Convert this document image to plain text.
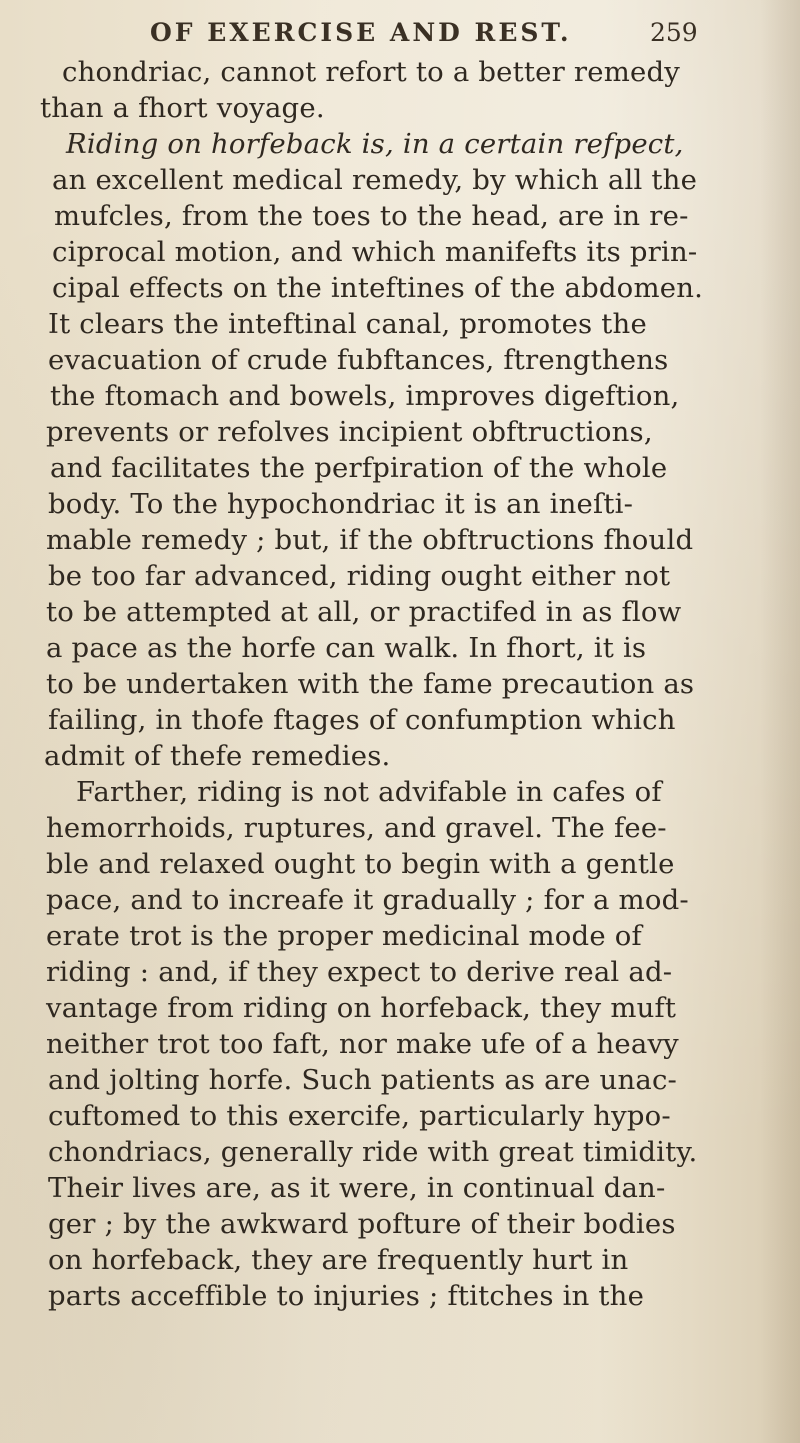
OF EXERCISE AND REST.	259
chondriac, cannot refort to a better remedy
than a fhort voyage.
Riding on horfeback is, in a certain refpect,
an excellent medical remedy, by which all the
mufcles, from the toes to the head, are in re-
ciprocal motion, and which manifefts its prin-
cipal effects on the inteftines of the abdomen.
It clears the inteftinal canal, promotes the
evacuation of crude fubftances, ftrengthens
the ftomach and bowels, improves digeftion,
prevents or refolves incipient obftructions,
and facilitates the perfpiration of the whole
body. To the hypochondriac it is an ineſti-
mable remedy ; but, if the obftructions fhould
be too far advanced, riding ought either not
to be attempted at all, or practifed in as flow
a pace as the horfe can walk. In fhort, it is
to be undertaken with the fame precaution as
failing, in thofe ftages of confumption which
admit of thefe remedies.
Farther, riding is not advifable in cafes of
hemorrhoids, ruptures, and gravel. The fee-
ble and relaxed ought to begin with a gentle
pace, and to increafe it gradually ; for a mod-
erate trot is the proper medicinal mode of
riding : and, if they expect to derive real ad-
vantage from riding on horfeback, they muft
neither trot too faft, nor make ufe of a heavy
and jolting horfe. Such patients as are unac-
cuftomed to this exercife, particularly hypo-
chondriacs, generally ride with great timidity.
Their lives are, as it were, in continual dan-
ger ; by the awkward pofture of their bodies
on horfeback, they are frequently hurt in
parts acceffible to injuries ; ftitches in the
